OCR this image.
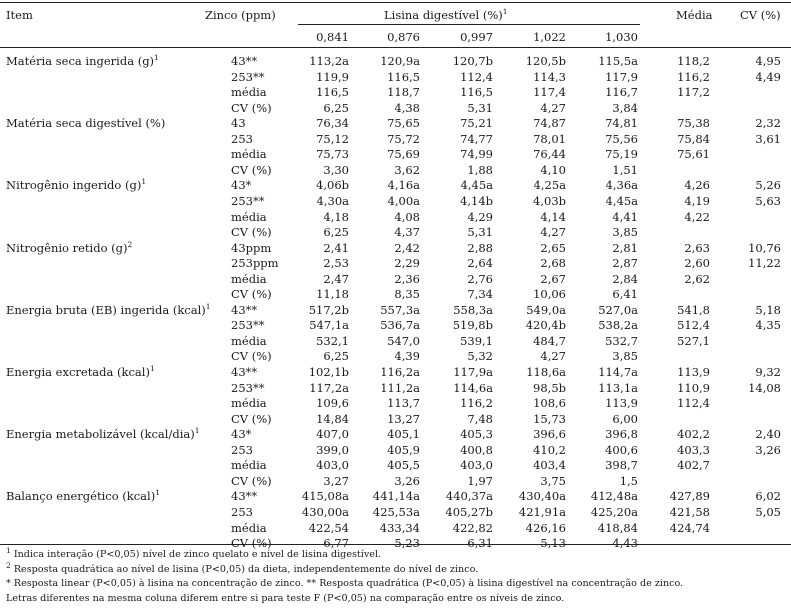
Item	Zinco (ppm)	Lisina digestível (%)$^1$	Média CV (%)
0,841	0,876	0,997	1,022	1,030
Matéria seca ingerida $(g)^1$	43**	113,2a	120,9a	120,7b	120,5b	115,5a	118,2	4,95
253**	119,9	116,5	112,4	114,3	117,9	116,2	4,49
média	116,5	118,7	116,5	117,4	116,7	117,2
CV (%)	6,25	4,38	5,31	4,27	3,84
Matéria seca digestível (%)	43	76,34	75,65	75,21	74,87	74,81	75,38	2,32
253	75,12	75,72	74,77	78,01	75,56	75,84	3,61
média	75,73	75,69	74,99	76,44	75,19	75,61
CV (%)	3,30	3,62	1,88	4,10	1,51
Nitrogênio ingerido $(g)^1$	43*	4,06b	4,16a	4,45a	4,25a	4,36a	4,26	5,26
253**	4,30a	4,00a	4,14b	4,03b	4,45a	4,19	5,63
média	4,18	4,08	4,29	4,14	4,41	4,22
CV (%)	6,25	4,37	5,31	4,27	3,85
Nitrogênio retido $(g)^2$	43ppm	2,41	2,42	2,88	2,65	2,81	2,63	10,76
253ppm	2,53	2,29	2,64	2,68	2,87	2,60	11,22
média	2,47	2,36	2,76	2,67	2,84	2,62
CV (%)	11,18	8,35	7,34	10,06	6,41
Energia bruta (EB) ingerida (kcal)$^1$ 43**	517,2b	557,3a	558,3a	549,0a	527,0a	541,8	5,18
253**	547,1a	536,7a	519,8b	420,4b	538,2a	512,4	4,35
média	532,1	547,0	539,1	484,7	532,7	527,1
CV (%)	6,25	4,39	5,32	4,27	3,85
Energia excretada (kcal)$^1$	43**	102,1b	116,2a	117,9a	118,6a	114,7a	113,9	9,32
253**	117,2a	111,2a	114,6a	98,5b	113,1a	110,9	14,08
média	109,6	113,7	116,2	108,6	113,9	112,4
CV (%)	14,84	13,27	7,48	15,73	6,00
Energia metabolizável (kcal/dia)$^1$	43*	407,0	405,1	405,3	396,6	396,8	402,2	2,40
253	399,0	405,9	400,8	410,2	400,6	403,3	3,26
média	403,0	405,5	403,0	403,4	398,7	402,7
CV (%)	3,27	3,26	1,97	3,75	1,5
Balanço energético (kcal)$^1$	43**	415,08a 441,14a 440,37a 430,40a 412,48a	427,89	6,02
253	430,00a 425,53a 405,27b 421,91a 425,20a	421,58	5,05
média	422,54	433,34	422,82	426,16	418,84	424,74
CV (%)	6,77	5,23	6,31	5,13	4,43
$^1$ Indica interação (P<0,05) nível de zinco quelato e nível de lisina digestível.
$^2$ Resposta quadrática ao nível de lisina (P<0,05) da dieta, independentemente do nível de zinco.
* Resposta linear (P<0,05) à lisina na concentração de zinco. ** Resposta quadrática (P<0,05) à lisina digestível na concentração de zinco.
Letras diferentes na mesma coluna diferem entre si para teste F (P<0,05) na comparação entre os níveis de zinco.
